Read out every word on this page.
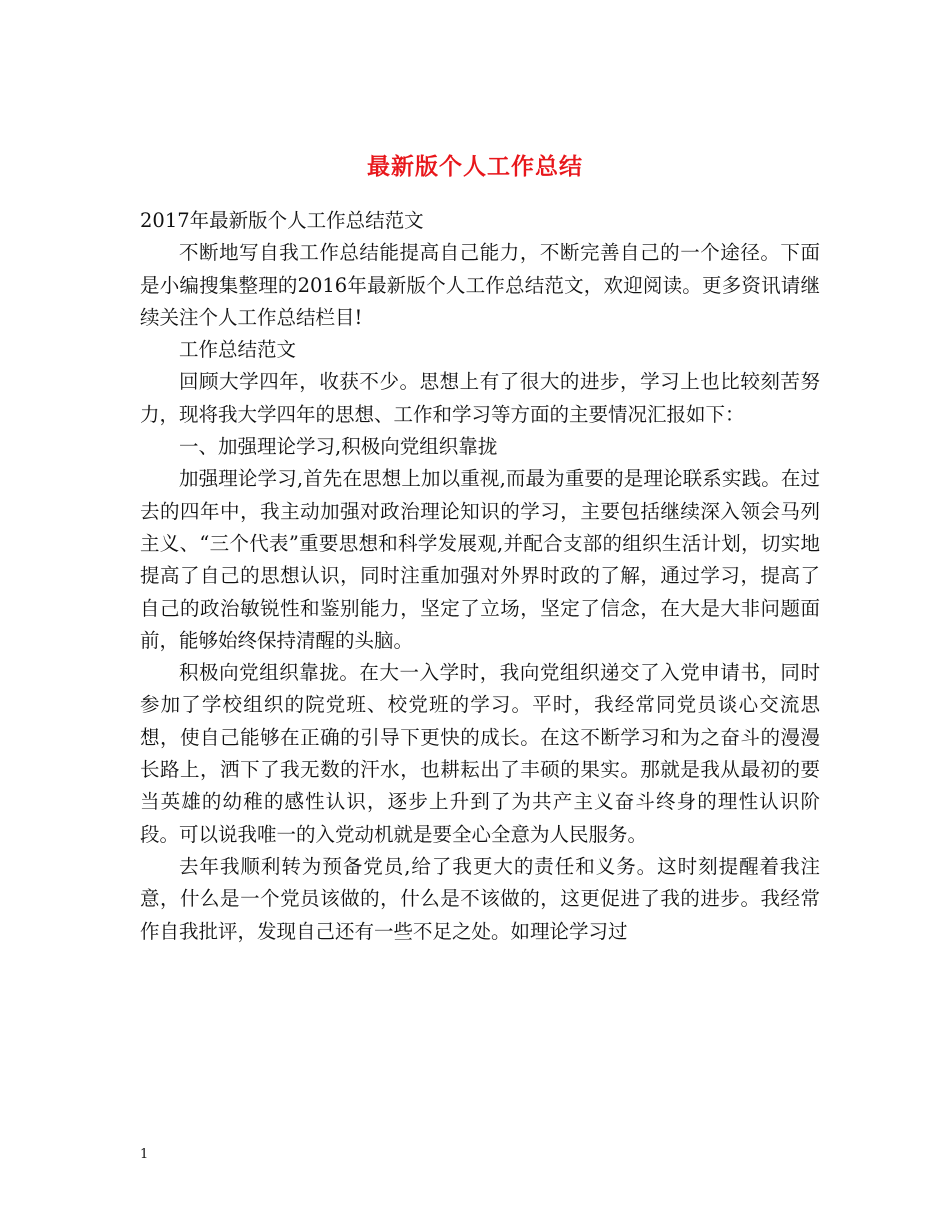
最新版个人工作总结

2017年最新版个人工作总结范文

不断地写自我工作总结能提高自己能力，不断完善自己的一个途径。下面是小编搜集整理的2016年最新版个人工作总结范文，欢迎阅读。更多资讯请继续关注个人工作总结栏目!

工作总结范文

回顾大学四年，收获不少。思想上有了很大的进步，学习上也比较刻苦努力，现将我大学四年的思想、工作和学习等方面的主要情况汇报如下：

一、加强理论学习,积极向党组织靠拢

加强理论学习,首先在思想上加以重视,而最为重要的是理论联系实践。在过去的四年中，我主动加强对政治理论知识的学习，主要包括继续深入领会马列主义、“三个代表”重要思想和科学发展观,并配合支部的组织生活计划，切实地提高了自己的思想认识，同时注重加强对外界时政的了解，通过学习，提高了自己的政治敏锐性和鉴别能力，坚定了立场，坚定了信念，在大是大非问题面前，能够始终保持清醒的头脑。

积极向党组织靠拢。在大一入学时，我向党组织递交了入党申请书，同时参加了学校组织的院党班、校党班的学习。平时，我经常同党员谈心交流思想，使自己能够在正确的引导下更快的成长。在这不断学习和为之奋斗的漫漫长路上，洒下了我无数的汗水，也耕耘出了丰硕的果实。那就是我从最初的要当英雄的幼稚的感性认识，逐步上升到了为共产主义奋斗终身的理性认识阶段。可以说我唯一的入党动机就是要全心全意为人民服务。

去年我顺利转为预备党员,给了我更大的责任和义务。这时刻提醒着我注意，什么是一个党员该做的，什么是不该做的，这更促进了我的进步。我经常作自我批评，发现自己还有一些不足之处。如理论学习过

1
